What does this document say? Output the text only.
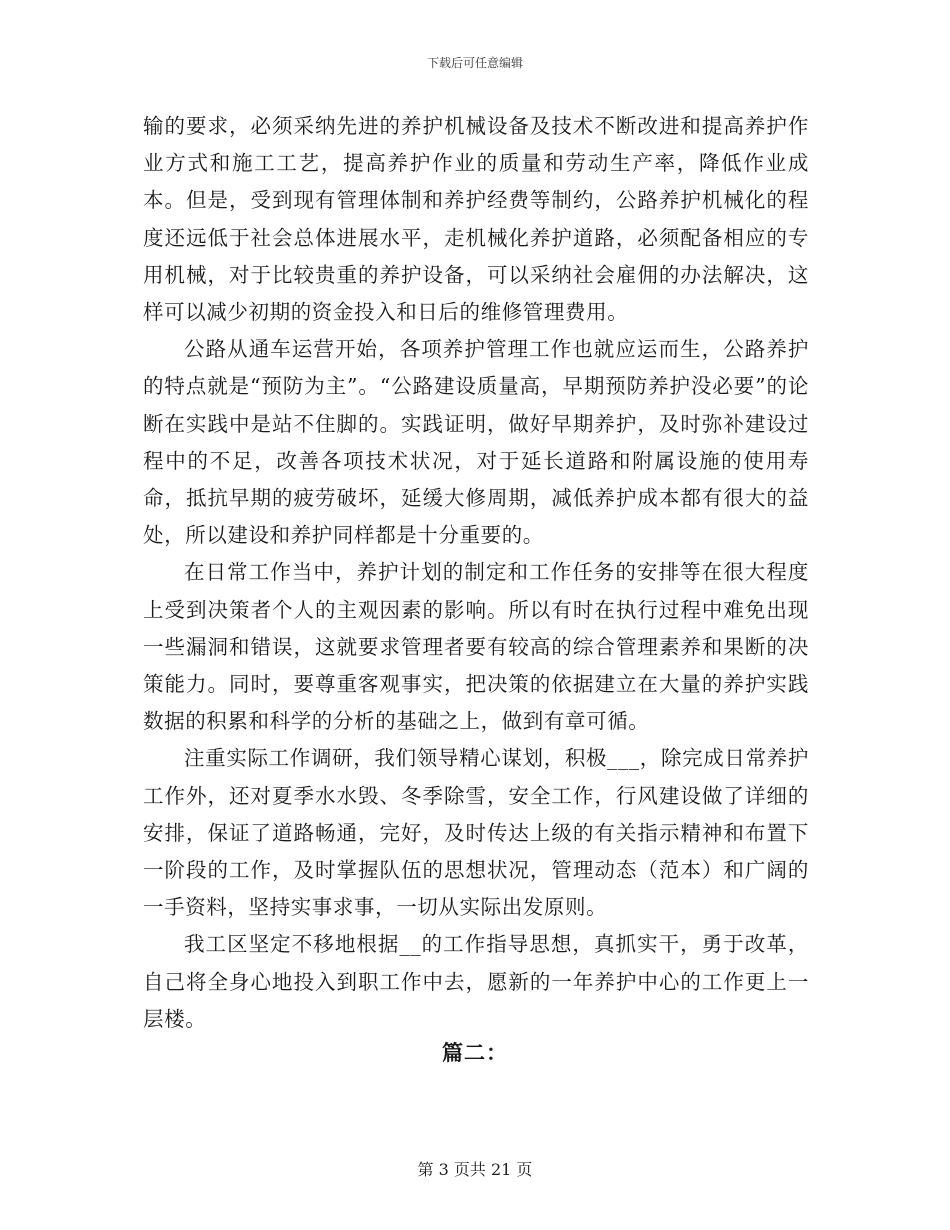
下载后可任意编辑

输的要求，必须采纳先进的养护机械设备及技术不断改进和提高养护作业方式和施工工艺，提高养护作业的质量和劳动生产率，降低作业成本。但是，受到现有管理体制和养护经费等制约，公路养护机械化的程度还远低于社会总体进展水平，走机械化养护道路，必须配备相应的专用机械，对于比较贵重的养护设备，可以采纳社会雇佣的办法解决，这样可以减少初期的资金投入和日后的维修管理费用。

公路从通车运营开始，各项养护管理工作也就应运而生，公路养护的特点就是“预防为主”。“公路建设质量高，早期预防养护没必要”的论断在实践中是站不住脚的。实践证明，做好早期养护，及时弥补建设过程中的不足，改善各项技术状况，对于延长道路和附属设施的使用寿命，抵抗早期的疲劳破坏，延缓大修周期，减低养护成本都有很大的益处，所以建设和养护同样都是十分重要的。

在日常工作当中，养护计划的制定和工作任务的安排等在很大程度上受到决策者个人的主观因素的影响。所以有时在执行过程中难免出现一些漏洞和错误，这就要求管理者要有较高的综合管理素养和果断的决策能力。同时，要尊重客观事实，把决策的依据建立在大量的养护实践数据的积累和科学的分析的基础之上，做到有章可循。

注重实际工作调研，我们领导精心谋划，积极___，除完成日常养护工作外，还对夏季水水毁、冬季除雪，安全工作，行风建设做了详细的安排，保证了道路畅通，完好，及时传达上级的有关指示精神和布置下一阶段的工作，及时掌握队伍的思想状况，管理动态（范本）和广阔的一手资料，坚持实事求事，一切从实际出发原则。

我工区坚定不移地根据__的工作指导思想，真抓实干，勇于改革，自己将全身心地投入到职工作中去，愿新的一年养护中心的工作更上一层楼。

篇二：
第 3 页共 21 页
